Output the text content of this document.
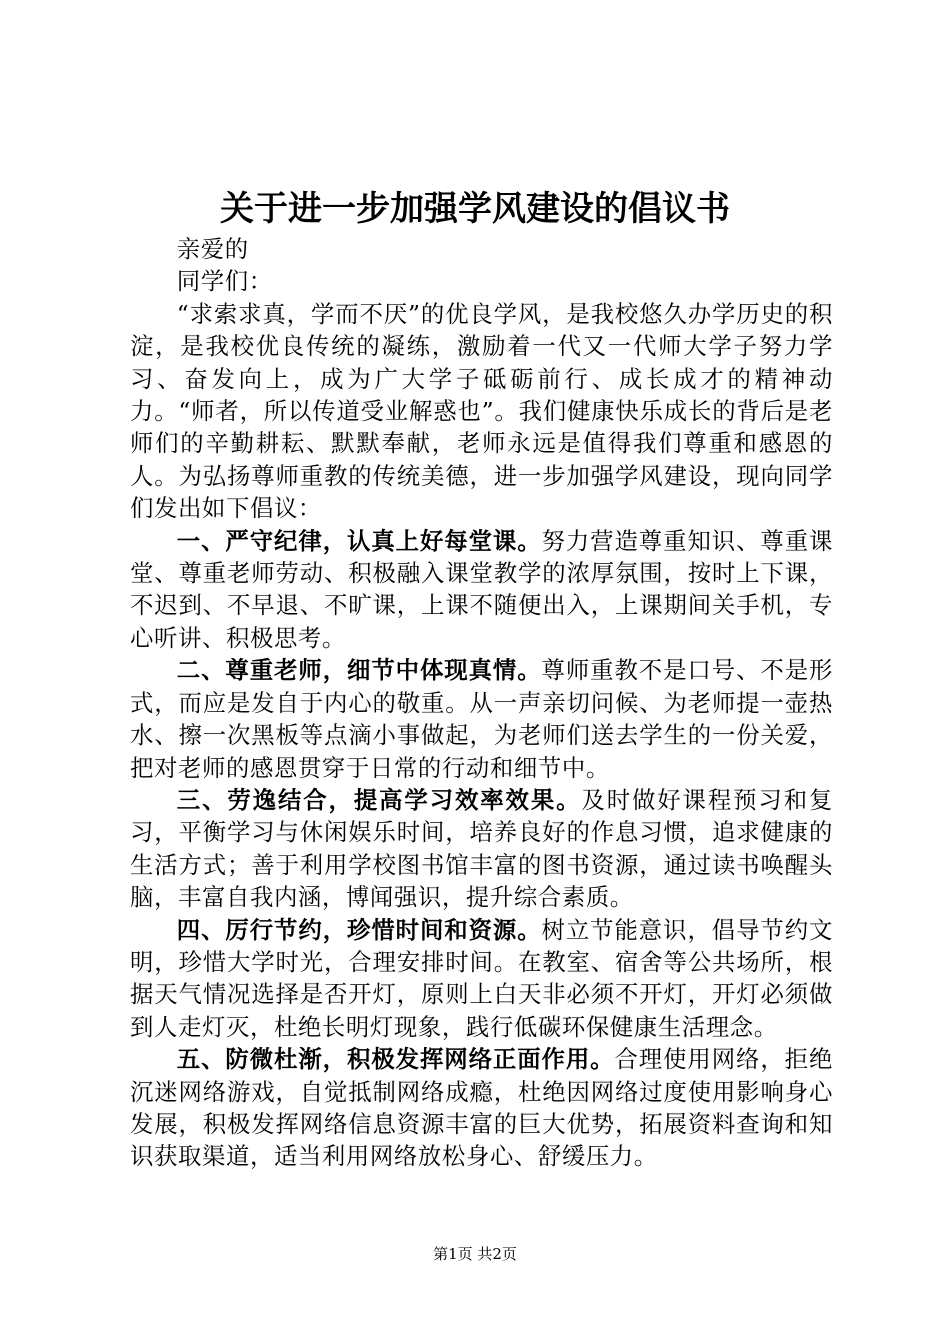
关于进一步加强学风建设的倡议书

亲爱的

同学们：

“求索求真，学而不厌”的优良学风，是我校悠久办学历史的积淀，是我校优良传统的凝练，激励着一代又一代师大学子努力学习、奋发向上，成为广大学子砥砺前行、成长成才的精神动力。“师者，所以传道受业解惑也”。我们健康快乐成长的背后是老师们的辛勤耕耘、默默奉献，老师永远是值得我们尊重和感恩的人。为弘扬尊师重教的传统美德，进一步加强学风建设，现向同学们发出如下倡议：

一、严守纪律，认真上好每堂课。努力营造尊重知识、尊重课堂、尊重老师劳动、积极融入课堂教学的浓厚氛围，按时上下课，不迟到、不早退、不旷课，上课不随便出入，上课期间关手机，专心听讲、积极思考。

二、尊重老师，细节中体现真情。尊师重教不是口号、不是形式，而应是发自于内心的敬重。从一声亲切问候、为老师提一壶热水、擦一次黑板等点滴小事做起，为老师们送去学生的一份关爱，把对老师的感恩贯穿于日常的行动和细节中。

三、劳逸结合，提高学习效率效果。及时做好课程预习和复习，平衡学习与休闲娱乐时间，培养良好的作息习惯，追求健康的生活方式；善于利用学校图书馆丰富的图书资源，通过读书唤醒头脑，丰富自我内涵，博闻强识，提升综合素质。

四、厉行节约，珍惜时间和资源。树立节能意识，倡导节约文明，珍惜大学时光，合理安排时间。在教室、宿舍等公共场所，根据天气情况选择是否开灯，原则上白天非必须不开灯，开灯必须做到人走灯灭，杜绝长明灯现象，践行低碳环保健康生活理念。

五、防微杜渐，积极发挥网络正面作用。合理使用网络，拒绝沉迷网络游戏，自觉抵制网络成瘾，杜绝因网络过度使用影响身心发展，积极发挥网络信息资源丰富的巨大优势，拓展资料查询和知识获取渠道，适当利用网络放松身心、舒缓压力。

第1页 共2页
